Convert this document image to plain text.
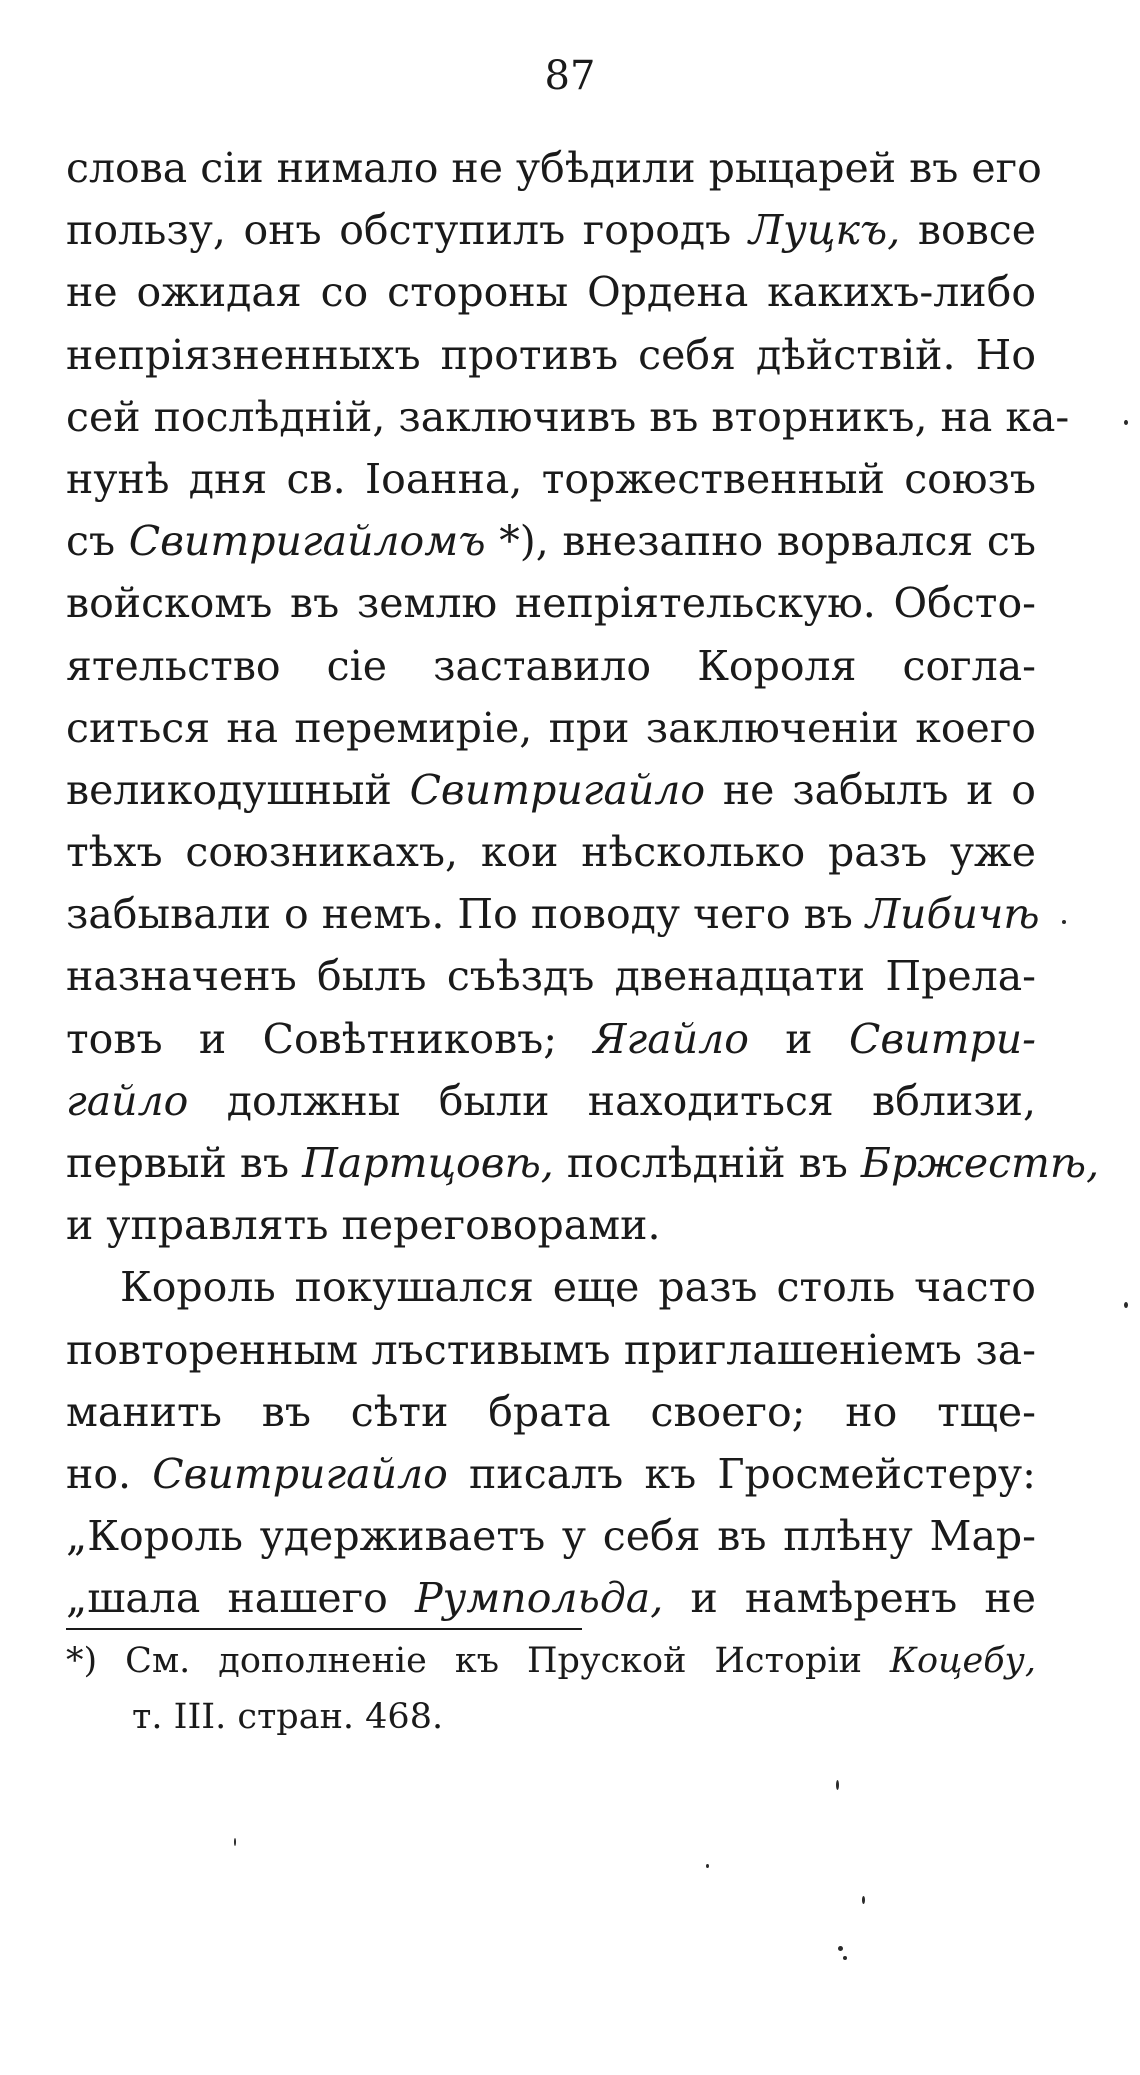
87
слова сіи нимало не убѣдили рыцарей въ его
пользу, онъ обступилъ городъ Луцкъ, вовсе
не ожидая со стороны Ордена какихъ-либо
непріязненныхъ противъ себя дѣйствій. Но
сей послѣдній, заключивъ въ вторникъ, на ка-
нунѣ дня св. Іоанна, торжественный союзъ
съ Свитригайломъ *), внезапно ворвался съ
войскомъ въ землю непріятельскую. Обсто-
ятельство сіе заставило Короля согла-
ситься на перемиріе, при заключеніи коего
великодушный Свитригайло не забылъ и о
тѣхъ союзникахъ, кои нѣсколько разъ уже
забывали о немъ. По поводу чего въ Либичѣ
назначенъ былъ съѣздъ двенадцати Прела-
товъ и Совѣтниковъ; Ягайло и Свитри-
гайло должны были находиться вблизи,
первый въ Партцовѣ, послѣдній въ Бржестѣ,
и управлять переговорами.
Король покушался еще разъ столь часто
повторенным лъстивымъ приглашеніемъ за-
манить въ сѣти брата своего; но тще-
но. Свитригайло писалъ къ Гросмейстеру:
„Король удерживаетъ у себя въ плѣну Мар-
„шала нашего Румпольда, и намѣренъ не
*) См. дополненіе къ Пруской Исторіи Коцебу,
т. III. стран. 468.
